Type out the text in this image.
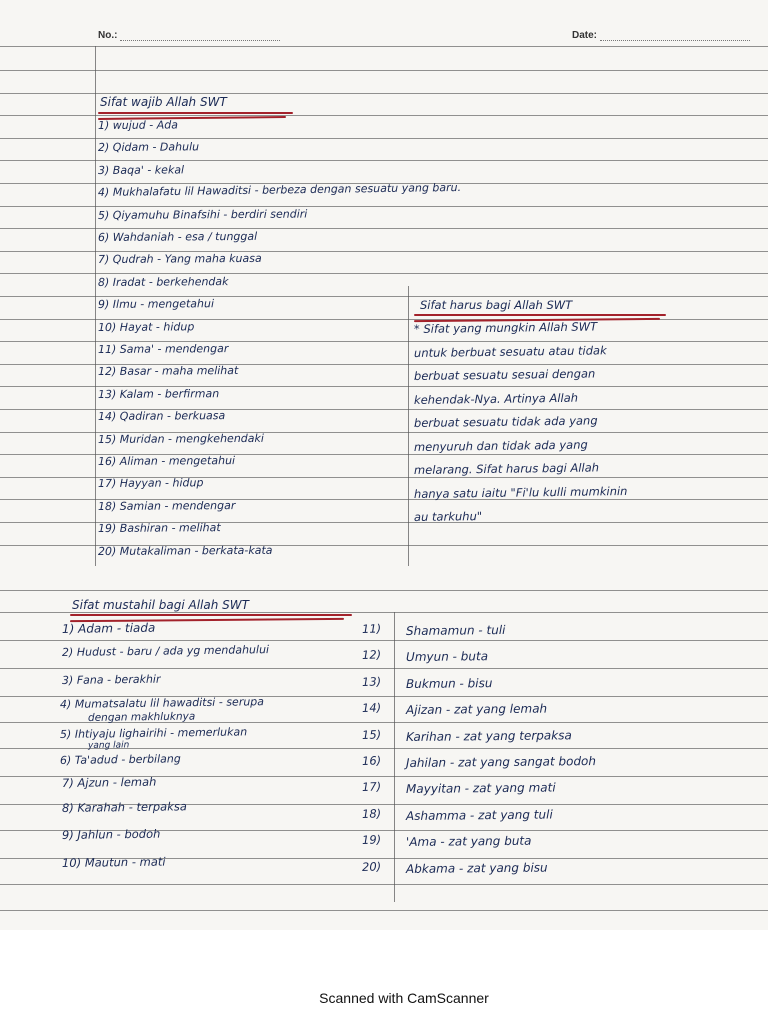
No.:	Date:
Sifat wajib Allah SWT
1) wujud - Ada
2) Qidam - Dahulu
3) Baqa' - kekal
4) Mukhalafatu lil Hawaditsi - berbeza dengan sesuatu yang baru.
5) Qiyamuhu Binafsihi - berdiri sendiri
6) Wahdaniah - esa / tunggal
7) Qudrah - Yang maha kuasa
8) Iradat - berkehendak
9) Ilmu - mengetahui
10) Hayat - hidup
11) Sama' - mendengar
12) Basar - maha melihat
13) Kalam - berfirman
14) Qadiran - berkuasa
15) Muridan - mengkehendaki
16) Aliman - mengetahui
17) Hayyan - hidup
18) Samian - mendengar
19) Bashiran - melihat
20) Mutakaliman - berkata-kata
Sifat harus bagi Allah SWT
* Sifat yang mungkin Allah SWT
untuk berbuat sesuatu atau tidak
berbuat sesuatu sesuai dengan
kehendak-Nya. Artinya Allah
berbuat sesuatu tidak ada yang
menyuruh dan tidak ada yang
melarang. Sifat harus bagi Allah
hanya satu iaitu "Fi'lu kulli mumkinin
au tarkuhu"
Sifat mustahil bagi Allah SWT
1) Adam - tiada
2) Hudust - baru / ada yg mendahului
3) Fana - berakhir
4) Mumatsalatu lil hawaditsi - serupa
dengan makhluknya
5) Ihtiyaju lighairihi - memerlukan
yang lain
6) Ta'adud - berbilang
7) Ajzun - lemah
8) Karahah - terpaksa
9) Jahlun - bodoh
10) Mautun - mati
11)
12)
13)
14)
15)
16)
17)
18)
19)
20)
Shamamun - tuli
Umyun - buta
Bukmun - bisu
Ajizan - zat yang lemah
Karihan - zat yang terpaksa
Jahilan - zat yang sangat bodoh
Mayyitan - zat yang mati
Ashamma - zat yang tuli
'Ama - zat yang buta
Abkama - zat yang bisu
Scanned with CamScanner
